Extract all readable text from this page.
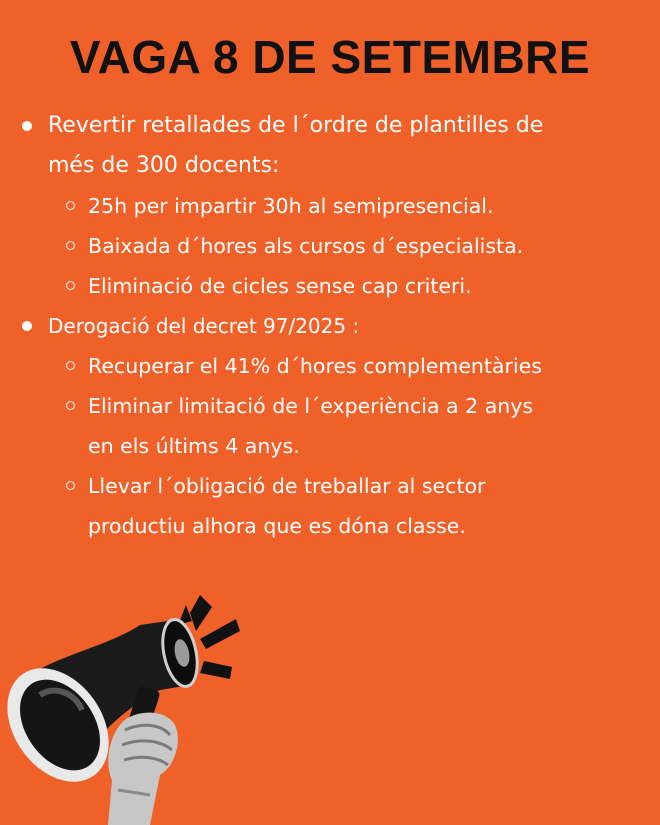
VAGA 8 DE SETEMBRE
Revertir retallades de l´ordre de plantilles de
més de 300 docents:
25h per impartir 30h al semipresencial.
Baixada d´hores als cursos d´especialista.
Eliminació de cicles sense cap criteri.
Derogació del decret 97/2025 :
Recuperar el 41% d´hores complementàries
Eliminar limitació de l´experiència a 2 anys
en els últims 4 anys.
Llevar l´obligació de treballar al sector
productiu alhora que es dóna classe.
